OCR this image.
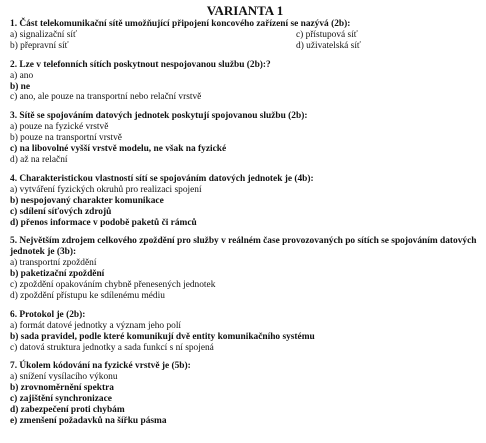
VARIANTA 1
1. Část telekomunikační sítě umožňující připojení koncového zařízení se nazývá (2b):
a) signalizační síť	c) přístupová síť
b) přepravní síť	d) uživatelská síť
2. Lze v telefonních sítích poskytnout nespojovanou službu (2b):?
a) ano
b) ne
c) ano, ale pouze na transportní nebo relační vrstvě
3. Sítě se spojováním datových jednotek poskytují spojovanou službu (2b):
a) pouze na fyzické vrstvě
b) pouze na transportní vrstvě
c) na libovolné vyšší vrstvě modelu, ne však na fyzické
d) až na relační
4. Charakteristickou vlastností sítí se spojováním datových jednotek je (4b):
a) vytváření fyzických okruhů pro realizaci spojení
b) nespojovaný charakter komunikace
c) sdílení síťových zdrojů
d) přenos informace v podobě paketů či rámců
5. Největším zdrojem celkového zpoždění pro služby v reálném čase provozovaných po sítích se spojováním datových jednotek je (3b):
a) transportní zpoždění
b) paketizační zpoždění
c) zpoždění opakováním chybně přenesených jednotek
d) zpoždění přístupu ke sdílenému médiu
6. Protokol je (2b):
a) formát datové jednotky a význam jeho polí
b) sada pravidel, podle které komunikují dvě entity komunikačního systému
c) datová struktura jednotky a sada funkcí s ní spojená
7. Úkolem kódování na fyzické vrstvě je (5b):
a) snížení vysílacího výkonu
b) zrovnoměrnění spektra
c) zajištění synchronizace
d) zabezpečení proti chybám
e) zmenšení požadavků na šířku pásma
